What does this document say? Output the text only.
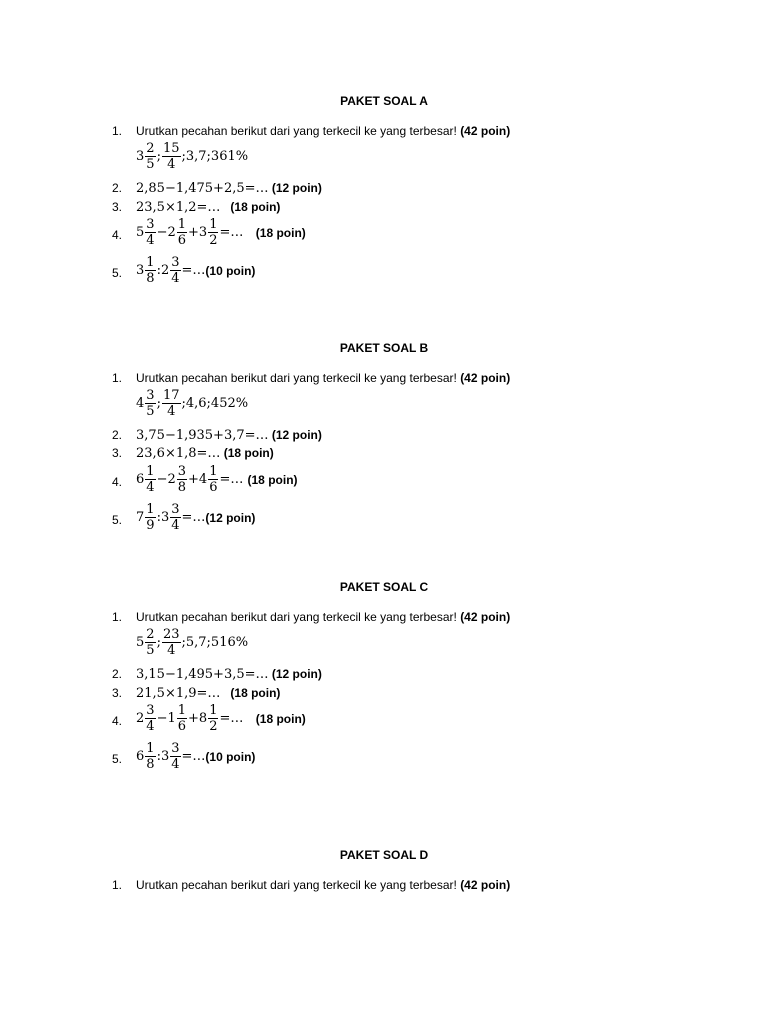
PAKET SOAL A
1.	Urutkan pecahan berikut dari yang terkecil ke yang terbesar! (42 poin)
$3 \frac{2}{5}$ ; $\frac{15}{4}$ ;3,7;361%
2.	2,85−1,475+2,5=… (12 poin)
3.	23,5×1,2=… (18 poin)
4.	$5 \frac{3}{4} -2 \frac{1}{6} +3 \frac{1}{2}$ =…
(18 poin)
5.	$3 \frac{1}{8}$ :2 $\frac{3}{4}$ =… (10 poin)
PAKET SOAL B
1.	Urutkan pecahan berikut dari yang terkecil ke yang terbesar! (42 poin)
$4 \frac{3}{5}$ ; $\frac{17}{4}$ ;4,6;452%
2.	3,75−1,935+3,7=… (12 poin)
3.	23,6×1,8=… (18 poin)
4.	$6 \frac{1}{4} -2 \frac{3}{8} +4 \frac{1}{6}$ =…
(18 poin)
5.	$7 \frac{1}{9}$ :3 $\frac{3}{4}$ =… (12 poin)
PAKET SOAL C
1.	Urutkan pecahan berikut dari yang terkecil ke yang terbesar! (42 poin)
$5 \frac{2}{5}$ ; $\frac{23}{4}$ ;5,7;516%
2.	3,15−1,495+3,5=… (12 poin)
3.	21,5×1,9=… (18 poin)
4.	$2 \frac{3}{4} -1 \frac{1}{6} +8 \frac{1}{2}$ =…
(18 poin)
5.	$6 \frac{1}{8}$ :3 $\frac{3}{4}$ =… (10 poin)
PAKET SOAL D
1.	Urutkan pecahan berikut dari yang terkecil ke yang terbesar! (42 poin)
